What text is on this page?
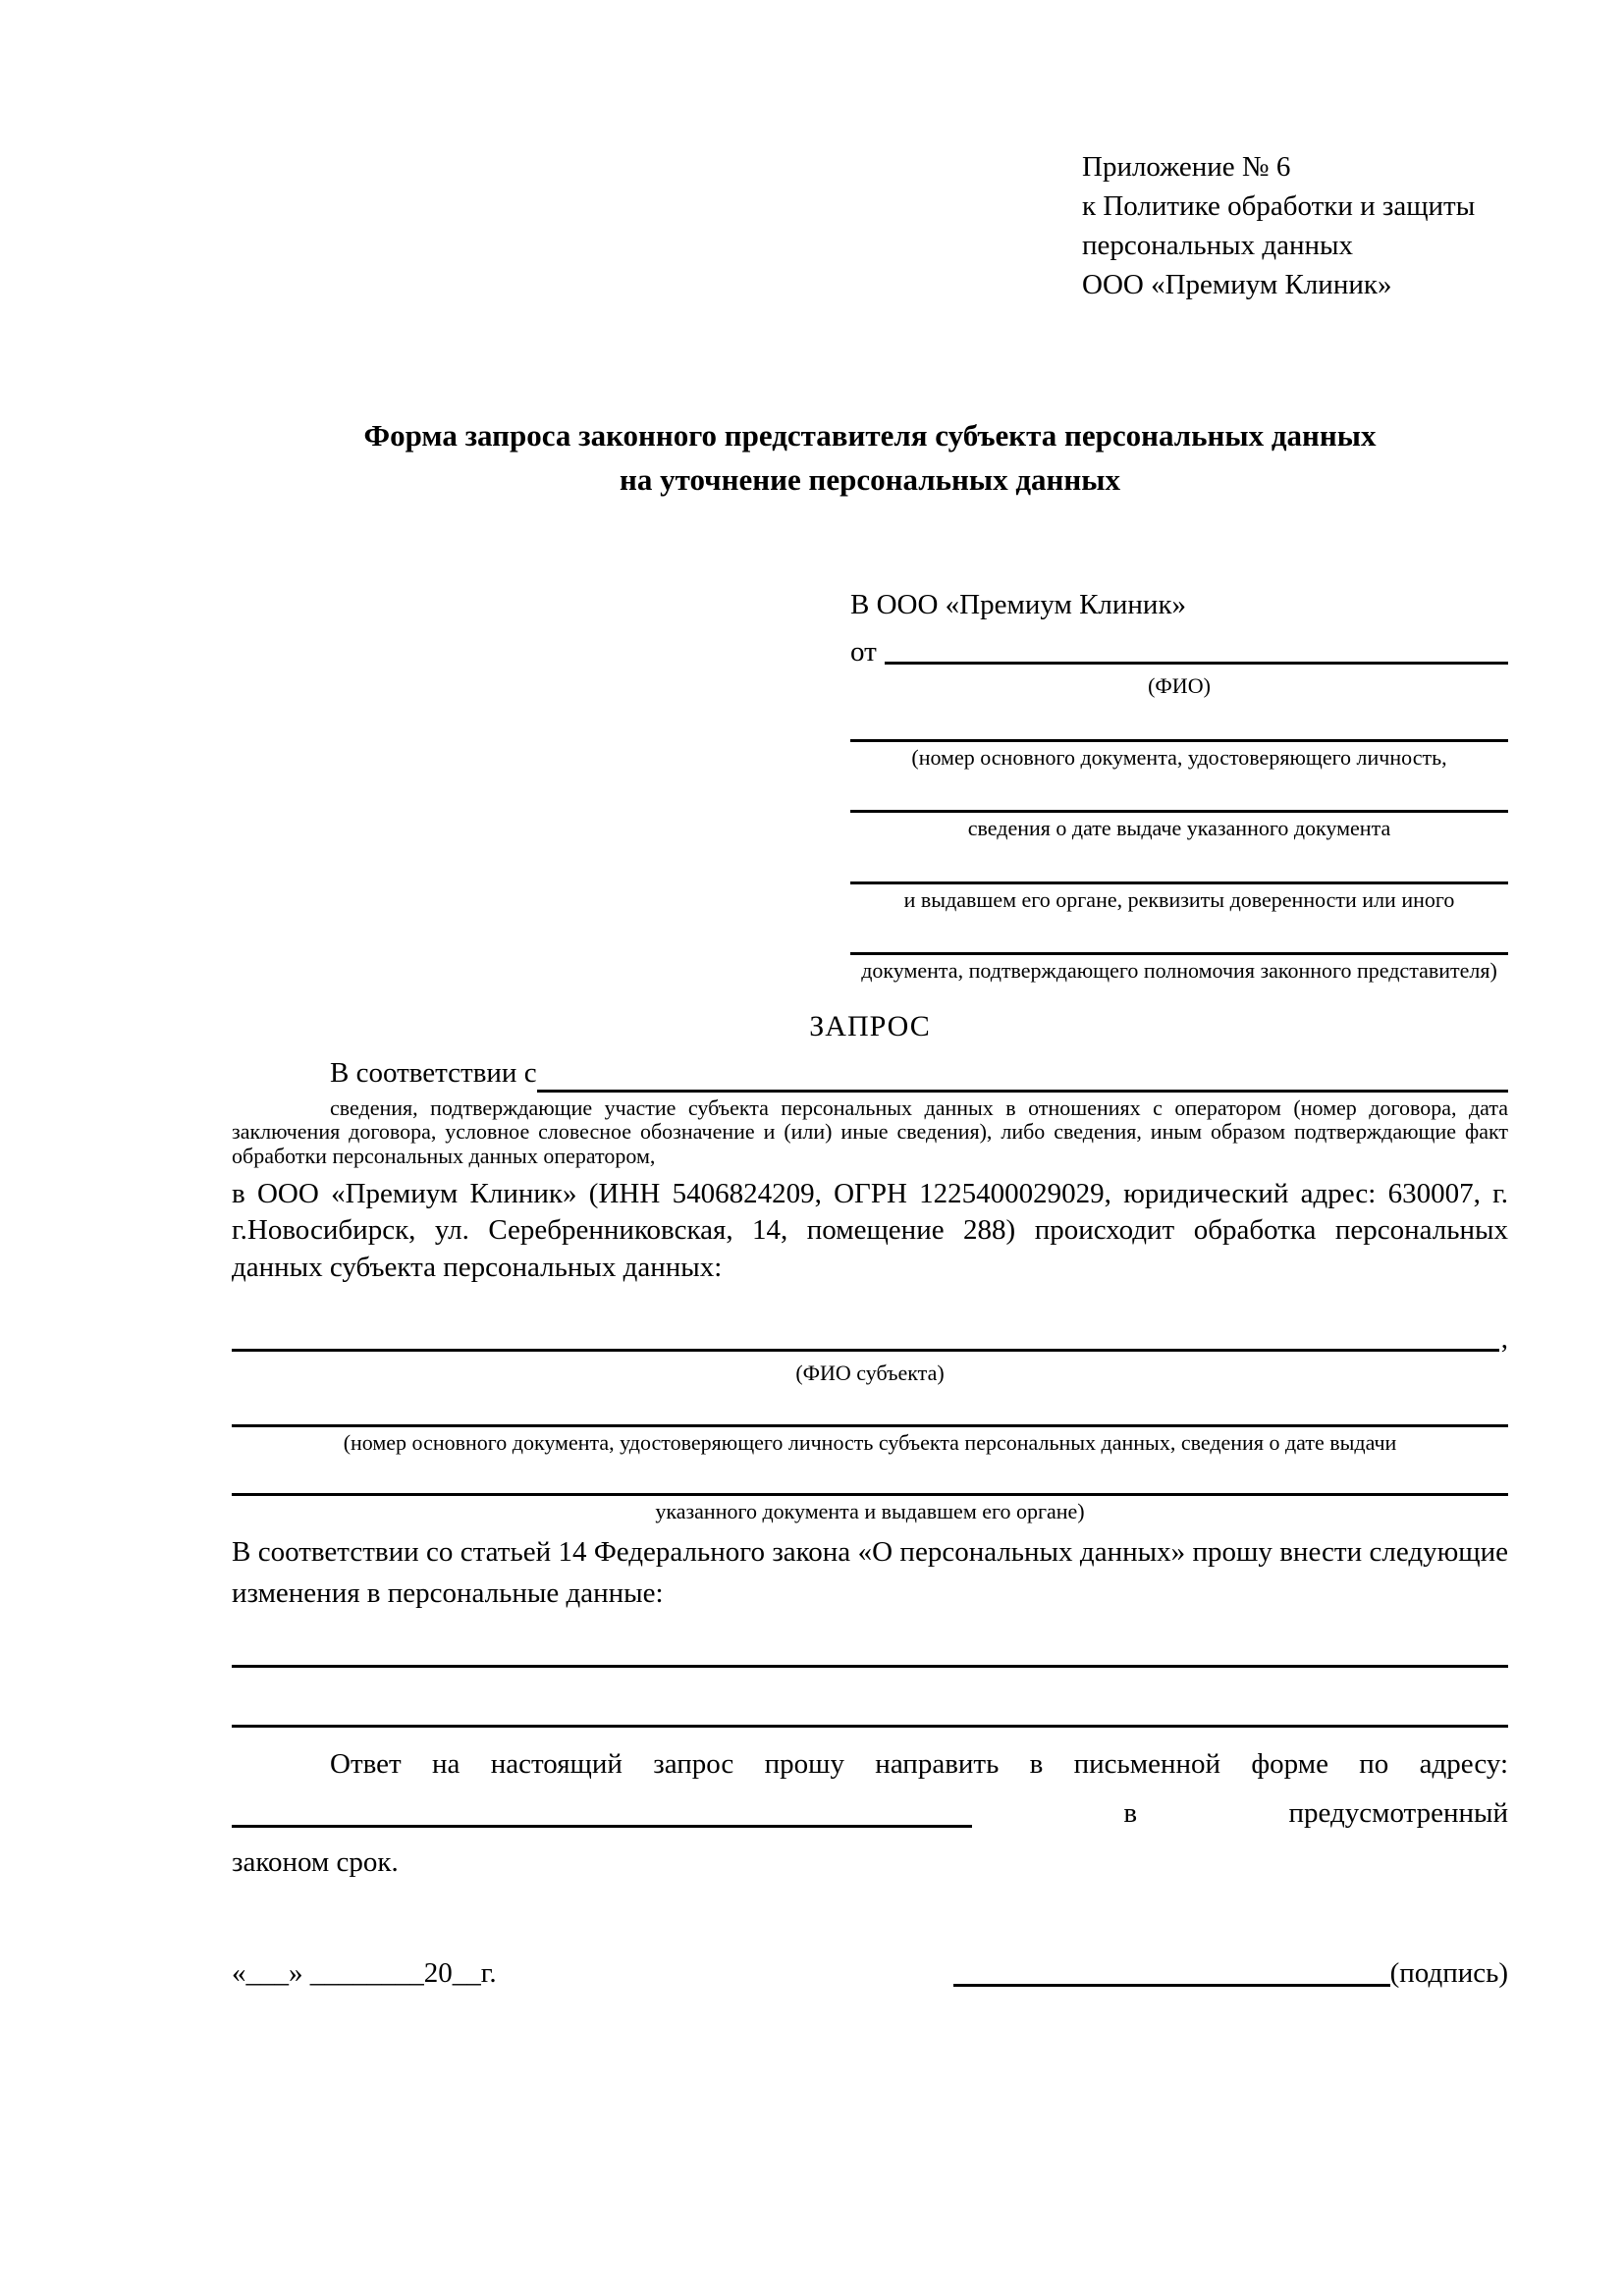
Приложение № 6
к Политике обработки и защиты
персональных данных
ООО «Премиум Клиник»
Форма запроса законного представителя субъекта персональных данных
на уточнение персональных данных
В ООО «Премиум Клиник»
от
(ФИО)
(номер основного документа, удостоверяющего личность,
сведения о дате выдаче указанного документа
и выдавшем его органе, реквизиты доверенности или иного
документа, подтверждающего полномочия законного представителя)
ЗАПРОС
В соответствии с
сведения, подтверждающие участие субъекта персональных данных в отношениях с оператором (номер договора, дата заключения договора, условное словесное обозначение и (или) иные сведения), либо сведения, иным образом подтверждающие факт обработки персональных данных оператором,
в ООО «Премиум Клиник» (ИНН 5406824209, ОГРН 1225400029029, юридический адрес: 630007, г. г.Новосибирск, ул. Серебренниковская, 14, помещение 288) происходит обработка персональных данных субъекта персональных данных:
,
(ФИО субъекта)
(номер основного документа, удостоверяющего личность субъекта персональных данных, сведения о дате выдачи
указанного документа и выдавшем его органе)
В соответствии со статьей 14 Федерального закона «О персональных данных» прошу внести следующие изменения в персональные данные:
Ответ на настоящий запрос прошу направить в письменной форме по адресу:
в	предусмотренный
законом срок.
«___» ________20__г.	(подпись)
